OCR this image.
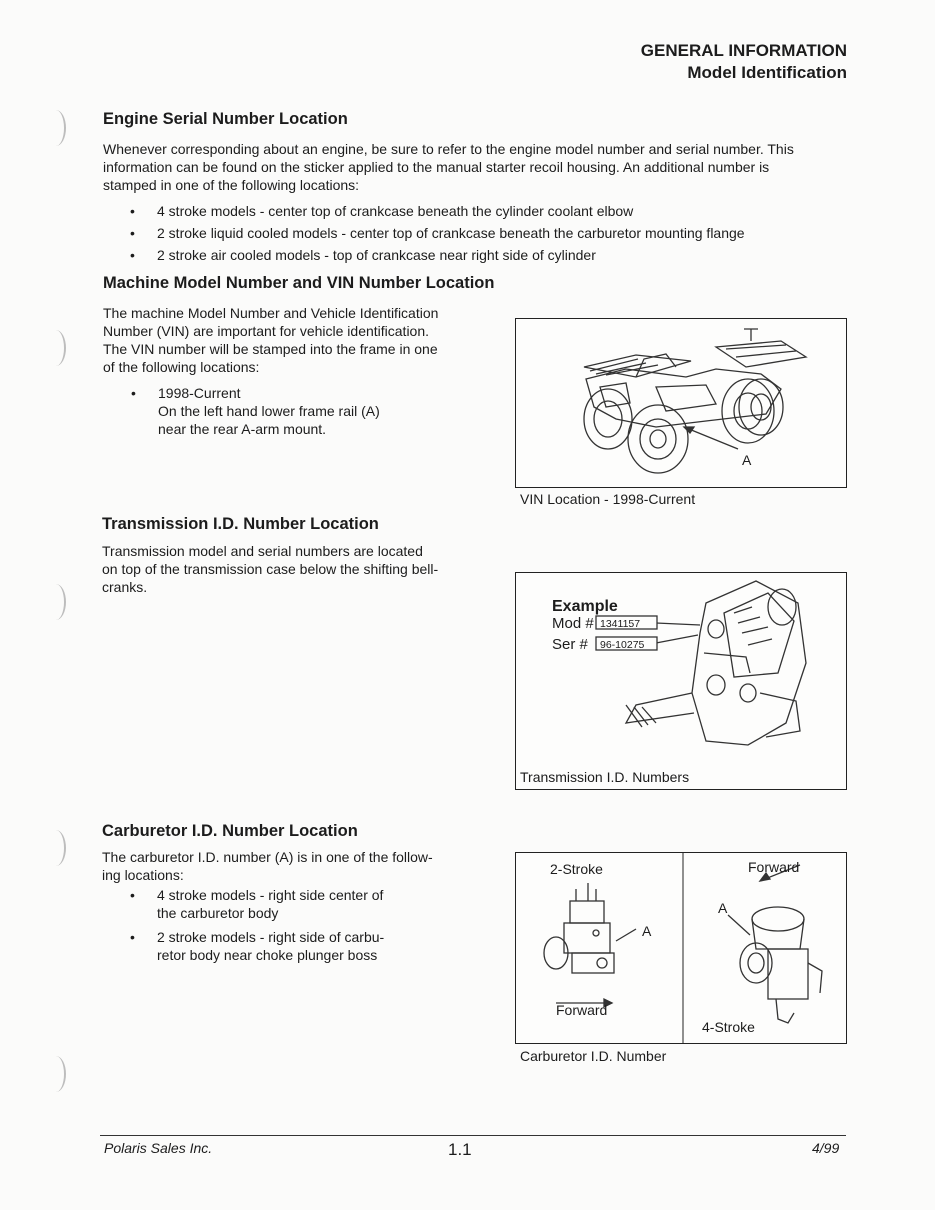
GENERAL INFORMATION
Model Identification
Engine Serial Number Location

Whenever corresponding about an engine, be sure to refer to the engine model number and serial number. This

information can be found on the sticker applied to the manual starter recoil housing. An additional number is

stamped in one of the following locations:

• 4 stroke models - center top of crankcase beneath the cylinder coolant elbow
• 2 stroke liquid cooled models - center top of crankcase beneath the carburetor mounting flange
• 2 stroke air cooled models - top of crankcase near right side of cylinder
Machine Model Number and VIN Number Location

The machine Model Number and Vehicle Identification

Number (VIN) are important for vehicle identification.

The VIN number will be stamped into the frame in one

of the following locations:

• 1998-Current
On the left hand lower frame rail (A)
near the rear A-arm mount.
A
VIN Location - 1998-Current
Transmission I.D. Number Location

Transmission model and serial numbers are located

on top of the transmission case below the shifting bell-

cranks.

Example
Mod #
Ser #
1341157
96-10275
Transmission I.D. Numbers
Carburetor I.D. Number Location

The carburetor I.D. number (A) is in one of the follow-

ing locations:

• 4 stroke models - right side center of
the carburetor body
• 2 stroke models - right side of carbu-
retor body near choke plunger boss
2-Stroke
A
Forward
Forward
A
4-Stroke
Carburetor I.D. Number
Polaris Sales Inc.	1.1	4/99
